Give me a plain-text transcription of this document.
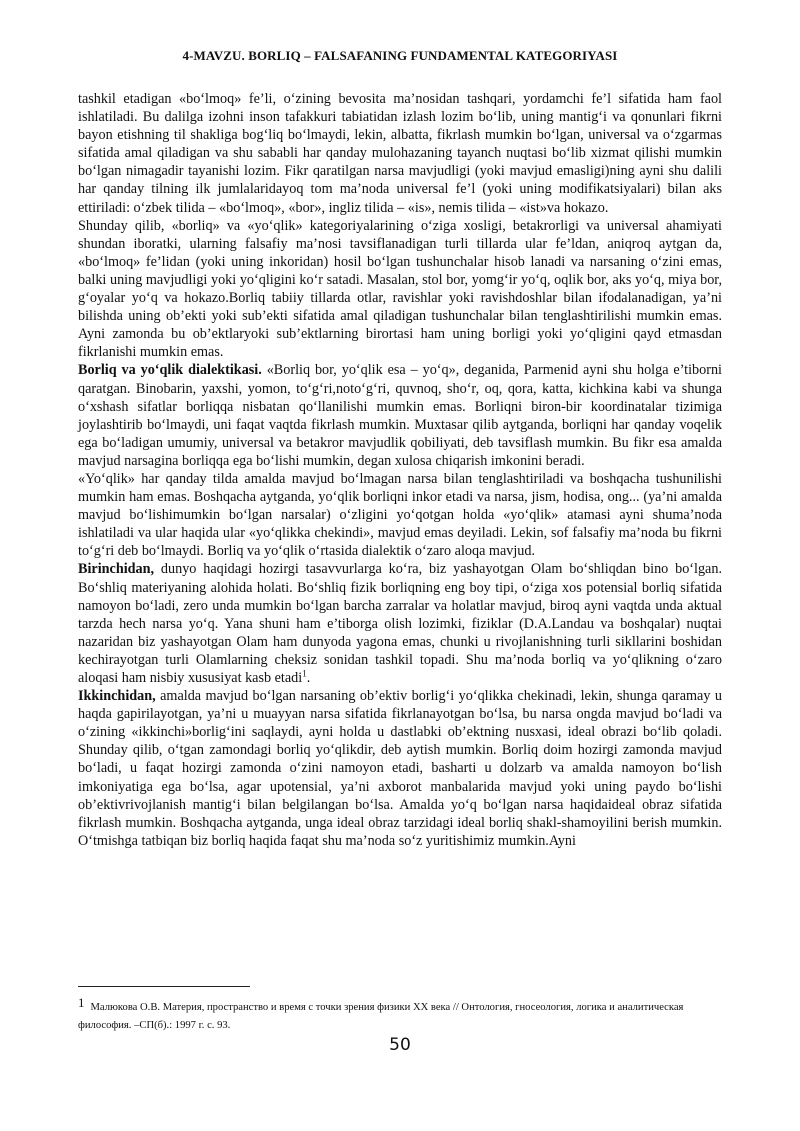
4-MAVZU. BORLIQ – FALSAFANING FUNDAMENTAL KATEGORIYASI

tashkil etadigan «bo‘lmoq» fe’li, o‘zining bevosita ma’nosidan tashqari, yordamchi fe’l sifatida ham faol ishlatiladi. Bu dalilga izohni inson tafakkuri tabiatidan izlash lozim bo‘lib, uning mantig‘i va qonunlari fikrni bayon etishning til shakliga bog‘liq bo‘lmaydi, lekin, albatta, fikrlash mumkin bo‘lgan, universal va o‘zgarmas sifatida amal qiladigan va shu sababli har qanday mulohazaning tayanch nuqtasi bo‘lib xizmat qilishi mumkin bo‘lgan nimagadir tayanishi lozim. Fikr qaratilgan narsa mavjudligi (yoki mavjud emasligi)ning ayni shu dalili har qanday tilning ilk jumlalaridayoq tom ma’noda universal fe’l (yoki uning modifikatsiyalari) bilan aks ettiriladi: o‘zbek tilida – «bo‘lmoq», «bor», ingliz tilida – «is», nemis tilida – «ist»va hokazo.

Shunday qilib, «borliq» va «yo‘qlik» kategoriyalarining o‘ziga xosligi, betakrorligi va universal ahamiyati shundan iboratki, ularning falsafiy ma’nosi tavsiflanadigan turli tillarda ular fe’ldan, aniqroq aytgan da, «bo‘lmoq» fe’lidan (yoki uning inkoridan) hosil bo‘lgan tushunchalar hisob lanadi va narsaning o‘zini emas, balki uning mavjudligi yoki yo‘qligini ko‘r satadi. Masalan, stol bor, yomg‘ir yo‘q, oqlik bor, aks yo‘q, miya bor, g‘oyalar yo‘q va hokazo.Borliq tabiiy tillarda otlar, ravishlar yoki ravishdoshlar bilan ifodalanadigan, ya’ni bilishda uning ob’ekti yoki sub’ekti sifatida amal qiladigan tushunchalar bilan tenglashtirilishi mumkin emas. Ayni zamonda bu ob’ektlaryoki sub’ektlarning birortasi ham uning borligi yoki yo‘qligini qayd etmasdan fikrlanishi mumkin emas.

Borliq va yo‘qlik dialektikasi. «Borliq bor, yo‘qlik esa – yo‘q», deganida, Parmenid ayni shu holga e’tiborni qaratgan. Binobarin, yaxshi, yomon, to‘g‘ri,noto‘g‘ri, quvnoq, sho‘r, oq, qora, katta, kichkina kabi va shunga o‘xshash sifatlar borliqqa nisbatan qo‘llanilishi mumkin emas. Borliqni biron-bir koordinatalar tizimiga joylashtirib bo‘lmaydi, uni faqat vaqtda fikrlash mumkin. Muxtasar qilib aytganda, borliqni har qanday voqelik ega bo‘ladigan umumiy, universal va betakror mavjudlik qobiliyati, deb tavsiflash mumkin. Bu fikr esa amalda mavjud narsagina borliqqa ega bo‘lishi mumkin, degan xulosa chiqarish imkonini beradi.

«Yo‘qlik» har qanday tilda amalda mavjud bo‘lmagan narsa bilan tenglashtiriladi va boshqacha tushunilishi mumkin ham emas. Boshqacha aytganda, yo‘qlik borliqni inkor etadi va narsa, jism, hodisa, ong... (ya’ni amalda mavjud bo‘lishimumkin bo‘lgan narsalar) o‘zligini yo‘qotgan holda «yo‘qlik» atamasi ayni shuma’noda ishlatiladi va ular haqida ular «yo‘qlikka chekindi», mavjud emas deyiladi. Lekin, sof falsafiy ma’noda bu fikrni to‘g‘ri deb bo‘lmaydi. Borliq va yo‘qlik o‘rtasida dialektik o‘zaro aloqa mavjud.

Birinchidan, dunyo haqidagi hozirgi tasavvurlarga ko‘ra, biz yashayotgan Olam bo‘shliqdan bino bo‘lgan. Bo‘shliq materiyaning alohida holati. Bo‘shliq fizik borliqning eng boy tipi, o‘ziga xos potensial borliq sifatida namoyon bo‘ladi, zero unda mumkin bo‘lgan barcha zarralar va holatlar mavjud, biroq ayni vaqtda unda aktual tarzda hech narsa yo‘q. Yana shuni ham e’tiborga olish lozimki, fiziklar (D.A.Landau va boshqalar) nuqtai nazaridan biz yashayotgan Olam ham dunyoda yagona emas, chunki u rivojlanishning turli sikllarini boshidan kechirayotgan turli Olamlarning cheksiz sonidan tashkil topadi. Shu ma’noda borliq va yo‘qlikning o‘zaro aloqasi ham nisbiy xususiyat kasb etadi$^1$.

Ikkinchidan, amalda mavjud bo‘lgan narsaning ob’ektiv borlig‘i yo‘qlikka chekinadi, lekin, shunga qaramay u haqda gapirilayotgan, ya’ni u muayyan narsa sifatida fikrlanayotgan bo‘lsa, bu narsa ongda mavjud bo‘ladi va o‘zining «ikkinchi»borlig‘ini saqlaydi, ayni holda u dastlabki ob’ektning nusxasi, ideal obrazi bo‘lib qoladi. Shunday qilib, o‘tgan zamondagi borliq yo‘qlikdir, deb aytish mumkin. Borliq doim hozirgi zamonda mavjud bo‘ladi, u faqat hozirgi zamonda o‘zini namoyon etadi, basharti u dolzarb va amalda namoyon bo‘lish imkoniyatiga ega bo‘lsa, agar upotensial, ya’ni axborot manbalarida mavjud yoki uning paydo bo‘lishi ob’ektivrivojlanish mantig‘i bilan belgilangan bo‘lsa. Amalda yo‘q bo‘lgan narsa haqidaideal obraz sifatida fikrlash mumkin. Boshqacha aytganda, unga ideal obraz tarzidagi ideal borliq shakl-shamoyilini berish mumkin. O‘tmishga tatbiqan biz borliq haqida faqat shu ma’noda so‘z yuritishimiz mumkin.Ayni

1 Малюкова О.В. Материя, пространство и время с точки зрения физики XX века // Онтология, гносеология, логика и аналитическая философия. –СП(б).: 1997 г. с. 93.
50
